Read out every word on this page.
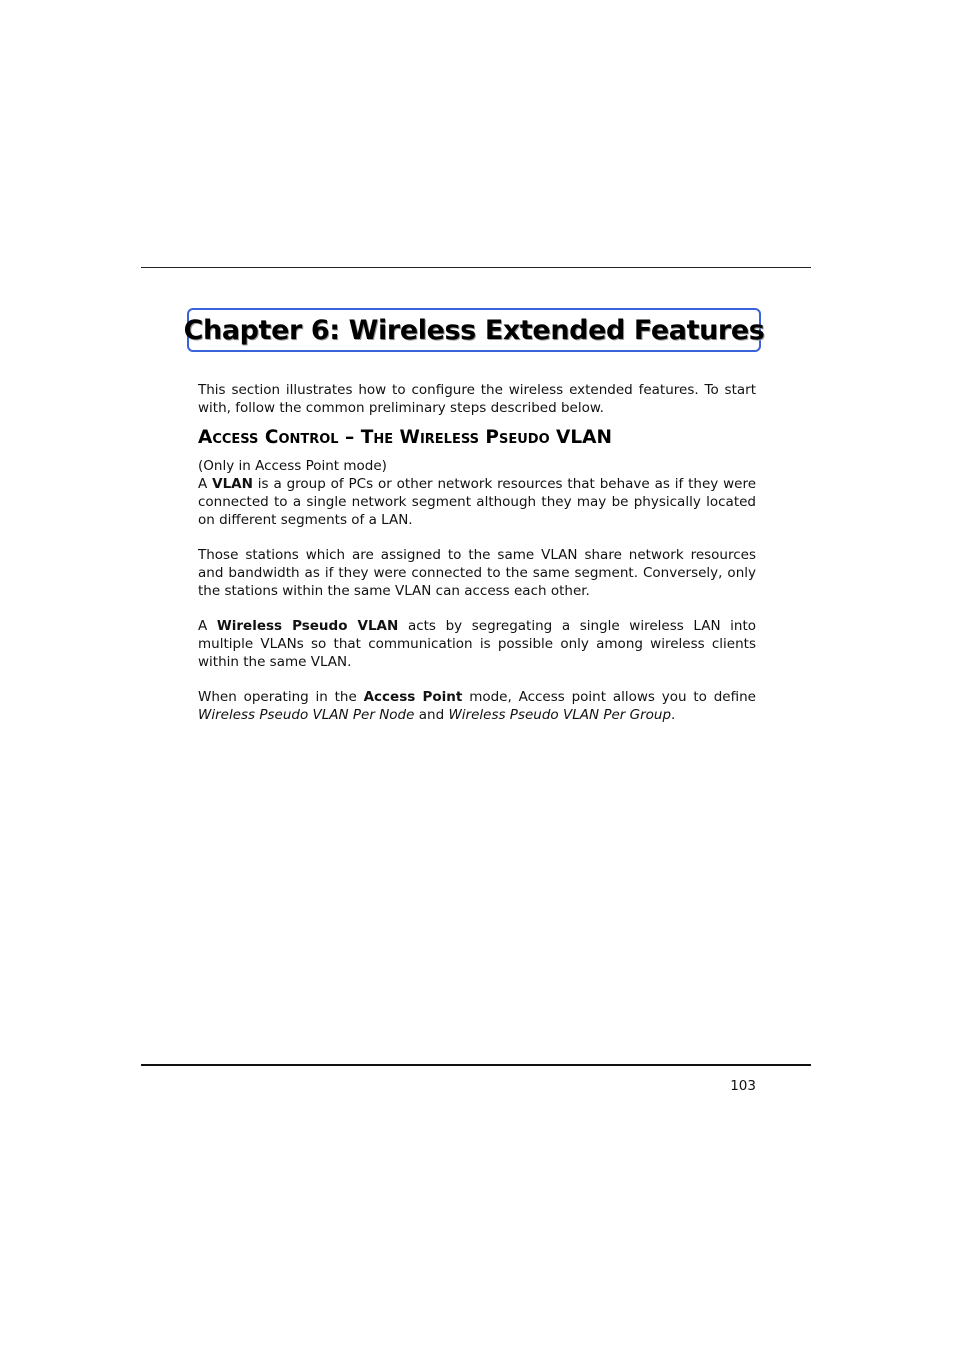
Chapter 6: Wireless Extended Features

This section illustrates how to configure the wireless extended features. To start with, follow the common preliminary steps described below.

Access Control – The Wireless Pseudo VLAN

(Only in Access Point mode)

A VLAN is a group of PCs or other network resources that behave as if they were connected to a single network segment although they may be physically located on different segments of a LAN.

Those stations which are assigned to the same VLAN share network resources and bandwidth as if they were connected to the same segment. Conversely, only the stations within the same VLAN can access each other.

A Wireless Pseudo VLAN acts by segregating a single wireless LAN into multiple VLANs so that communication is possible only among wireless clients within the same VLAN.

When operating in the Access Point mode, Access point allows you to define Wireless Pseudo VLAN Per Node and Wireless Pseudo VLAN Per Group.

103
